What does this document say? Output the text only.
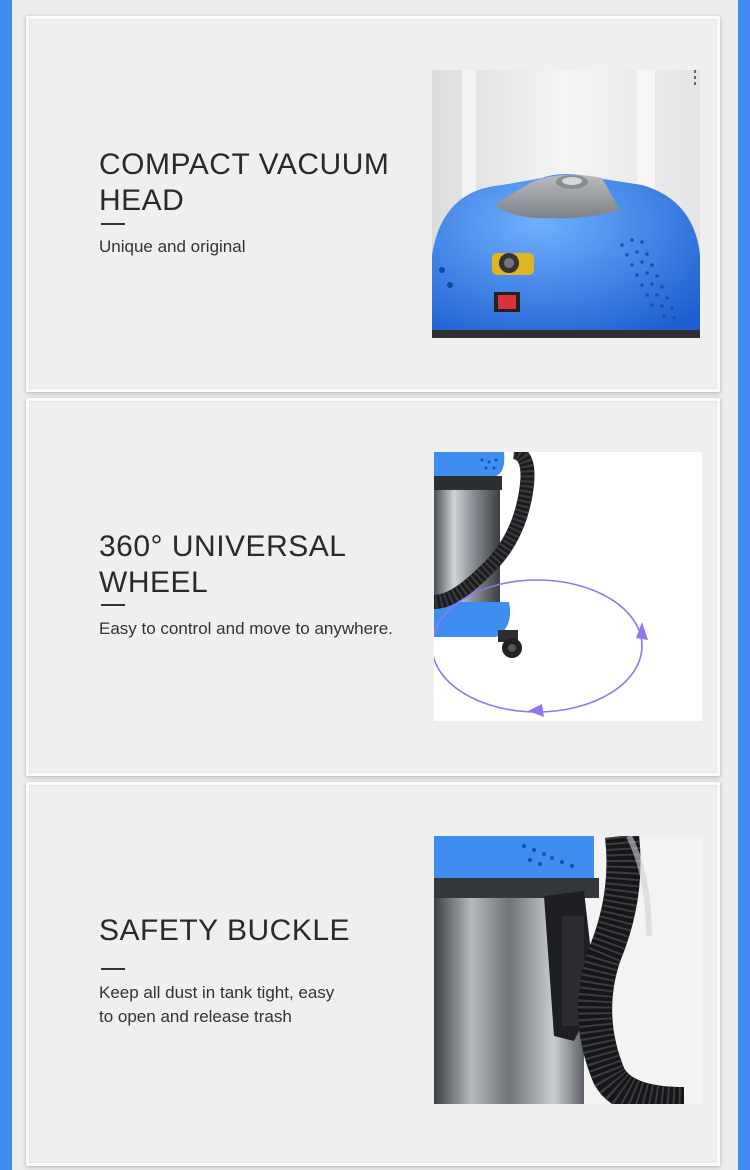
COMPACT VACUUM
HEAD

Unique and original

360° UNIVERSAL
WHEEL

Easy to control and move to anywhere.

SAFETY BUCKLE

Keep all dust in tank tight, easy
to open and release trash
